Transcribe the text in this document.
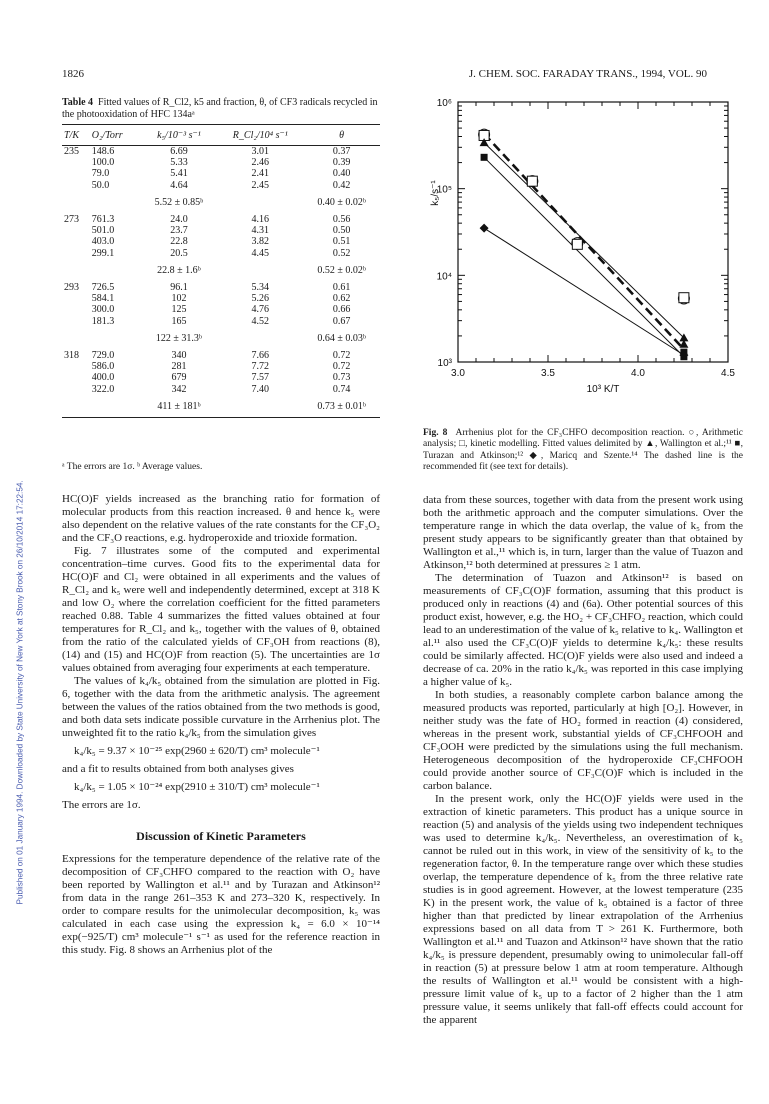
1826	J. CHEM. SOC. FARADAY TRANS., 1994, VOL. 90
Published on 01 January 1994. Downloaded by State University of New York at Stony Brook on 26/10/2014 17:22:54.
Table 4 Fitted values of R_Cl2, k5 and fraction, θ, of CF3 radicals recycled in the photooxidation of HFC 134aᵃ
T/K	O₂/Torr	k₅/10⁻³ s⁻¹	R_Cl₂/10⁴ s⁻¹	θ
235	148.6	6.69	3.01	0.37
	100.0	5.33	2.46	0.39
	79.0	5.41	2.41	0.40
	50.0	4.64	2.45	0.42

		5.52 ± 0.85ᵇ		0.40 ± 0.02ᵇ

273	761.3	24.0	4.16	0.56
	501.0	23.7	4.31	0.50
	403.0	22.8	3.82	0.51
	299.1	20.5	4.45	0.52

		22.8 ± 1.6ᵇ		0.52 ± 0.02ᵇ

293	726.5	96.1	5.34	0.61
	584.1	102	5.26	0.62
	300.0	125	4.76	0.66
	181.3	165	4.52	0.67

		122 ± 31.3ᵇ		0.64 ± 0.03ᵇ

318	729.0	340	7.66	0.72
	586.0	281	7.72	0.72
	400.0	679	7.57	0.73
	322.0	342	7.40	0.74

		411 ± 181ᵇ		0.73 ± 0.01ᵇ
ᵃ The errors are 1σ. ᵇ Average values.

HC(O)F yields increased as the branching ratio for formation of molecular products from this reaction increased. θ and hence k₅ were also dependent on the relative values of the rate constants for the CF₃O₂ and the CF₃O reactions, e.g. hydroperoxide and trioxide formation.

Fig. 7 illustrates some of the computed and experimental concentration–time curves. Good fits to the experimental data for HC(O)F and Cl₂ were obtained in all experiments and the values of R_Cl₂ and k₅ were well and independently determined, except at 318 K and low O₂ where the correlation coefficient for the fitted parameters reached 0.88. Table 4 summarizes the fitted values obtained at four temperatures for R_Cl₂ and k₅, together with the values of θ, obtained from the ratio of the calculated yields of CF₃OH from reactions (8), (14) and (15) and HC(O)F from reaction (5). The uncertainties are 1σ values obtained from averaging four experiments at each temperature.

The values of k₄/k₅ obtained from the simulation are plotted in Fig. 6, together with the data from the arithmetic analysis. The agreement between the values of the ratios obtained from the two methods is good, and both data sets indicate possible curvature in the Arrhenius plot. The unweighted fit to the ratio k₄/k₅ from the simulation gives

k₄/k₅ = 9.37 × 10⁻²⁵ exp(2960 ± 620/T) cm³ molecule⁻¹

and a fit to results obtained from both analyses gives

k₄/k₅ = 1.05 × 10⁻²⁴ exp(2910 ± 310/T) cm³ molecule⁻¹

The errors are 1σ.

Discussion of Kinetic Parameters

Expressions for the temperature dependence of the relative rate of the decomposition of CF₃CHFO compared to the reaction with O₂ have been reported by Wallington et al.¹¹ and by Turazan and Atkinson¹² from data in the range 261–353 K and 273–320 K, respectively. In order to compare results for the unimolecular decomposition, k₅ was calculated in each case using the expression k₄ = 6.0 × 10⁻¹⁴ exp(−925/T) cm³ molecule⁻¹ s⁻¹ as used for the reference reaction in this study. Fig. 8 shows an Arrhenius plot of the

3.0	3.5	4.0	4.5
10³
10⁴
10⁵
10⁶
10³ K/T
k₅/s⁻¹
Fig. 8 Arrhenius plot for the CF₃CHFO decomposition reaction. ○, Arithmetic analysis; □, kinetic modelling. Fitted values delimited by ▲, Wallington et al.;¹¹ ■, Turazan and Atkinson;¹² ◆, Maricq and Szente.¹⁴ The dashed line is the recommended fit (see text for details).

data from these sources, together with data from the present work using both the arithmetic approach and the computer simulations. Over the temperature range in which the data overlap, the value of k₅ from the present study appears to be significantly greater than that obtained by Wallington et al.,¹¹ which is, in turn, larger than the value of Tuazon and Atkinson,¹² both determined at pressures ≥ 1 atm.

The determination of Tuazon and Atkinson¹² is based on measurements of CF₃C(O)F formation, assuming that this product is produced only in reactions (4) and (6a). Other potential sources of this product exist, however, e.g. the HO₂ + CF₃CHFO₂ reaction, which could lead to an underestimation of the value of k₅ relative to k₄. Wallington et al.¹¹ also used the CF₃C(O)F yields to determine k₄/k₅: these results could be similarly affected. HC(O)F yields were also used and indeed a decrease of ca. 20% in the ratio k₄/k₅ was reported in this case implying a higher value of k₅.

In both studies, a reasonably complete carbon balance among the measured products was reported, particularly at high [O₂]. However, in neither study was the fate of HO₂ formed in reaction (4) considered, whereas in the present work, substantial yields of CF₃CHFOOH and CF₃OOH were predicted by the simulations using the full mechanism. Heterogeneous decomposition of the hydroperoxide CF₃CHFOOH could provide another source of CF₃C(O)F which is included in the carbon balance.

In the present work, only the HC(O)F yields were used in the extraction of kinetic parameters. This product has a unique source in reaction (5) and analysis of the yields using two independent techniques was used to determine k₄/k₅. Nevertheless, an overestimation of k₅ cannot be ruled out in this work, in view of the sensitivity of k₅ to the regeneration factor, θ. In the temperature range over which these studies overlap, the temperature dependence of k₅ from the three relative rate studies is in good agreement. However, at the lowest temperature (235 K) in the present work, the value of k₅ obtained is a factor of three higher than that predicted by linear extrapolation of the Arrhenius expressions based on all data from T > 261 K. Furthermore, both Wallington et al.¹¹ and Tuazon and Atkinson¹² have shown that the ratio k₄/k₅ is pressure dependent, presumably owing to unimolecular fall-off in reaction (5) at pressure below 1 atm at room temperature. Although the results of Wallington et al.¹¹ would be consistent with a high-pressure limit value of k₅ up to a factor of 2 higher than the 1 atm pressure value, it seems unlikely that fall-off effects could account for the apparent
